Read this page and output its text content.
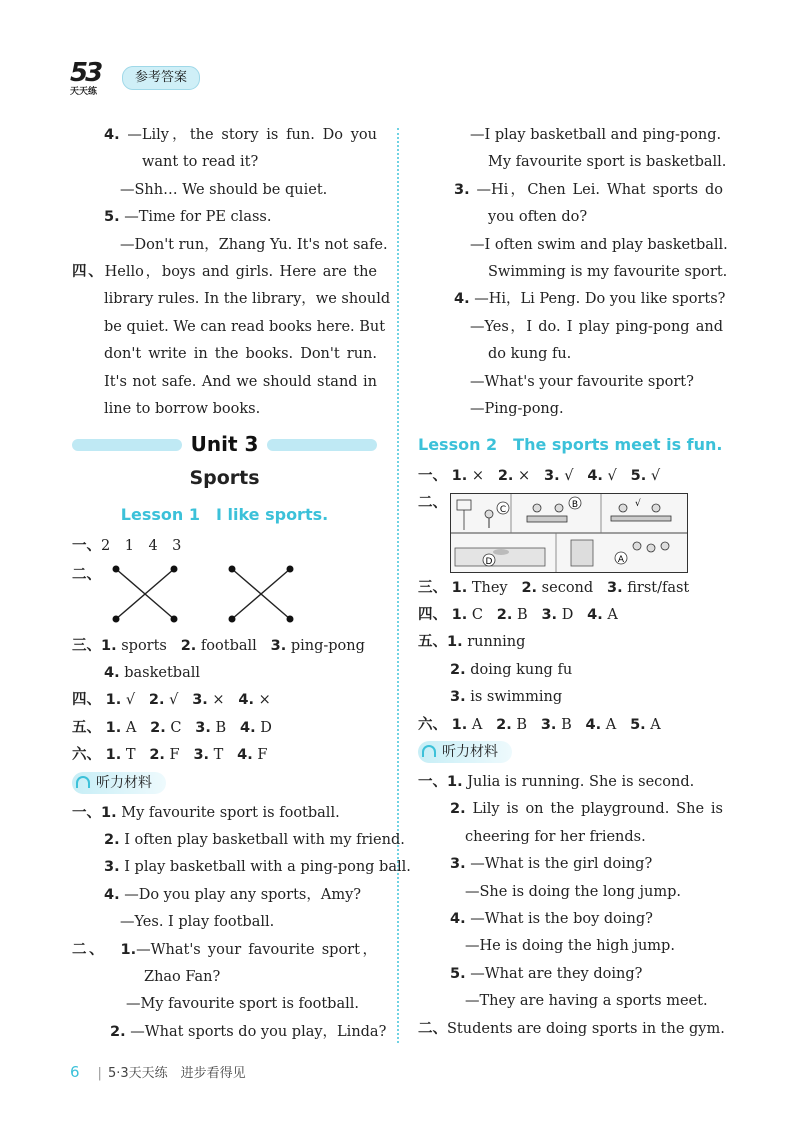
53
天天练
参考答案
4. —Lily，the story is fun. Do you
want to read it?
—Shh… We should be quiet.
5. —Time for PE class.
—Don't run，Zhang Yu. It's not safe.
四、Hello，boys and girls. Here are the
library rules. In the library，we should
be quiet. We can read books here. But
don't write in the books. Don't run.
It's not safe. And we should stand in
line to borrow books.
Unit 3
Sports
Lesson 1　I like sports.
一、2　1　4　3
二、
三、1. sports 2. football 3. ping-pong
4. basketball
四、 1. √ 2. √ 3. × 4. ×
五、 1. A 2. C 3. B 4. D
六、 1. T 2. F 3. T 4. F
听力材料
一、1. My favourite sport is football.
2. I often play basketball with my friend.
3. I play basketball with a ping-pong ball.
4. —Do you play any sports，Amy?
—Yes. I play football.
二、 1.—What's your favourite sport，
Zhao Fan?
—My favourite sport is football.
2. —What sports do you play，Linda?
—I play basketball and ping-pong.
My favourite sport is basketball.
3. —Hi，Chen Lei. What sports do
you often do?
—I often swim and play basketball.
Swimming is my favourite sport.
4. —Hi，Li Peng. Do you like sports?
—Yes，I do. I play ping-pong and
do kung fu.
—What's your favourite sport?
—Ping-pong.
Lesson 2　The sports meet is fun.
一、 1. × 2. × 3. √ 4. √ 5. √
二、	C	B	√
D	A
三、 1. They 2. second 3. first/fast
四、 1. C 2. B 3. D 4. A
五、1. running
2. doing kung fu
3. is swimming
六、 1. A 2. B 3. B 4. A 5. A
听力材料
一、1. Julia is running. She is second.
2. Lily is on the playground. She is
cheering for her friends.
3. —What is the girl doing?
—She is doing the long jump.
4. —What is the boy doing?
—He is doing the high jump.
5. —What are they doing?
—They are having a sports meet.
二、Students are doing sports in the gym.
6 | 5·3天天练　进步看得见
